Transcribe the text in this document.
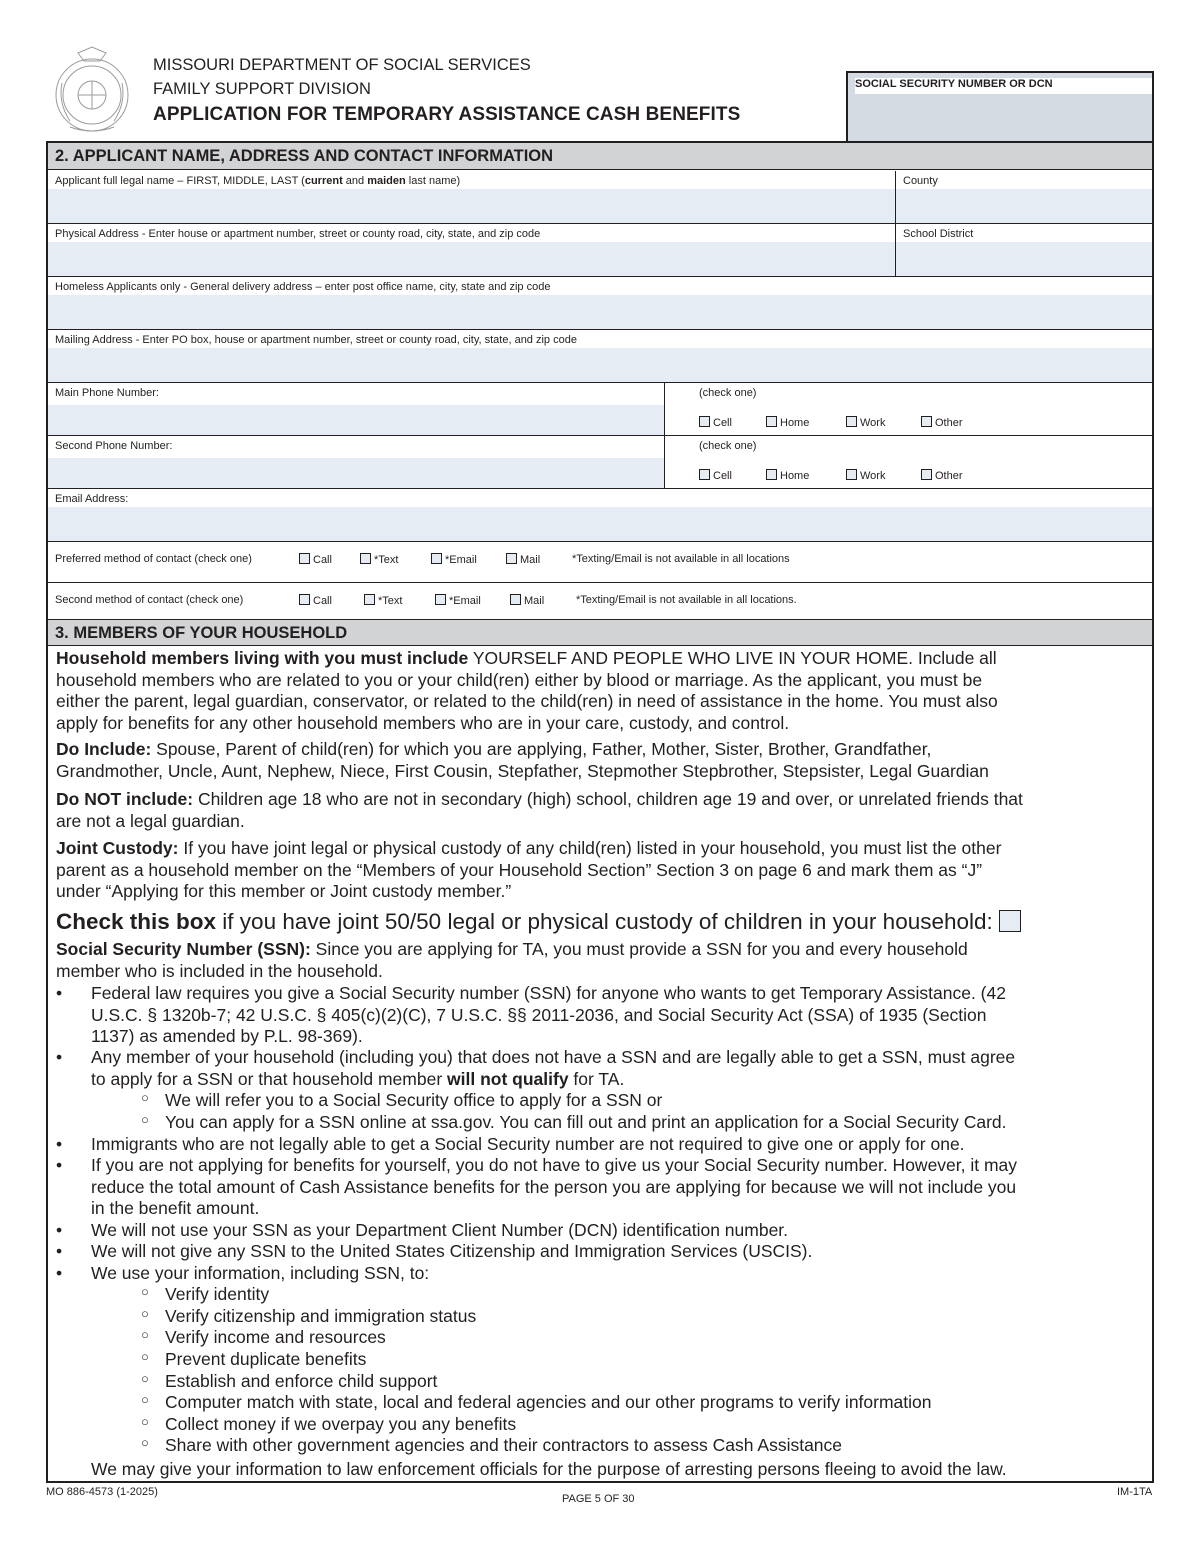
MISSOURI DEPARTMENT OF SOCIAL SERVICES
FAMILY SUPPORT DIVISION
APPLICATION FOR TEMPORARY ASSISTANCE CASH BENEFITS
SOCIAL SECURITY NUMBER OR DCN
2. APPLICANT NAME, ADDRESS AND CONTACT INFORMATION
Applicant full legal name – FIRST, MIDDLE, LAST (current and maiden last name)	County
Physical Address - Enter house or apartment number, street or county road, city, state, and zip code	School District
Homeless Applicants only - General delivery address – enter post office name, city, state and zip code
Mailing Address - Enter PO box, house or apartment number, street or county road, city, state, and zip code
Main Phone Number:	(check one)
Cell	Home	Work	Other
Second Phone Number:	(check one)
Cell	Home	Work	Other
Email Address:
Preferred method of contact (check one)	Call	*Text	*Email	Mail	*Texting/Email is not available in all locations
Second method of contact (check one)	Call	*Text	*Email	Mail	*Texting/Email is not available in all locations.
3. MEMBERS OF YOUR HOUSEHOLD
Household members living with you must include YOURSELF AND PEOPLE WHO LIVE IN YOUR HOME. Include all
household members who are related to you or your child(ren) either by blood or marriage. As the applicant, you must be
either the parent, legal guardian, conservator, or related to the child(ren) in need of assistance in the home. You must also
apply for benefits for any other household members who are in your care, custody, and control.
Do Include: Spouse, Parent of child(ren) for which you are applying, Father, Mother, Sister, Brother, Grandfather,
Grandmother, Uncle, Aunt, Nephew, Niece, First Cousin, Stepfather, Stepmother Stepbrother, Stepsister, Legal Guardian
Do NOT include: Children age 18 who are not in secondary (high) school, children age 19 and over, or unrelated friends that
are not a legal guardian.
Joint Custody: If you have joint legal or physical custody of any child(ren) listed in your household, you must list the other
parent as a household member on the “Members of your Household Section” Section 3 on page 6 and mark them as “J”
under “Applying for this member or Joint custody member.”
Check this box if you have joint 50/50 legal or physical custody of children in your household:
Social Security Number (SSN): Since you are applying for TA, you must provide a SSN for you and every household
member who is included in the household.
• Federal law requires you give a Social Security number (SSN) for anyone who wants to get Temporary Assistance. (42
U.S.C. § 1320b-7; 42 U.S.C. § 405(c)(2)(C), 7 U.S.C. §§ 2011-2036, and Social Security Act (SSA) of 1935 (Section
1137) as amended by P.L. 98-369).
• Any member of your household (including you) that does not have a SSN and are legally able to get a SSN, must agree
to apply for a SSN or that household member will not qualify for TA.
○ We will refer you to a Social Security office to apply for a SSN or
○ You can apply for a SSN online at ssa.gov. You can fill out and print an application for a Social Security Card.
• Immigrants who are not legally able to get a Social Security number are not required to give one or apply for one.
• If you are not applying for benefits for yourself, you do not have to give us your Social Security number. However, it may
reduce the total amount of Cash Assistance benefits for the person you are applying for because we will not include you
in the benefit amount.
• We will not use your SSN as your Department Client Number (DCN) identification number.
• We will not give any SSN to the United States Citizenship and Immigration Services (USCIS).
• We use your information, including SSN, to:
○ Verify identity
○ Verify citizenship and immigration status
○ Verify income and resources
○ Prevent duplicate benefits
○ Establish and enforce child support
○ Computer match with state, local and federal agencies and our other programs to verify information
○ Collect money if we overpay you any benefits
○ Share with other government agencies and their contractors to assess Cash Assistance
We may give your information to law enforcement officials for the purpose of arresting persons fleeing to avoid the law.
MO 886-4573 (1-2025)
PAGE 5 OF 30
IM-1TA
